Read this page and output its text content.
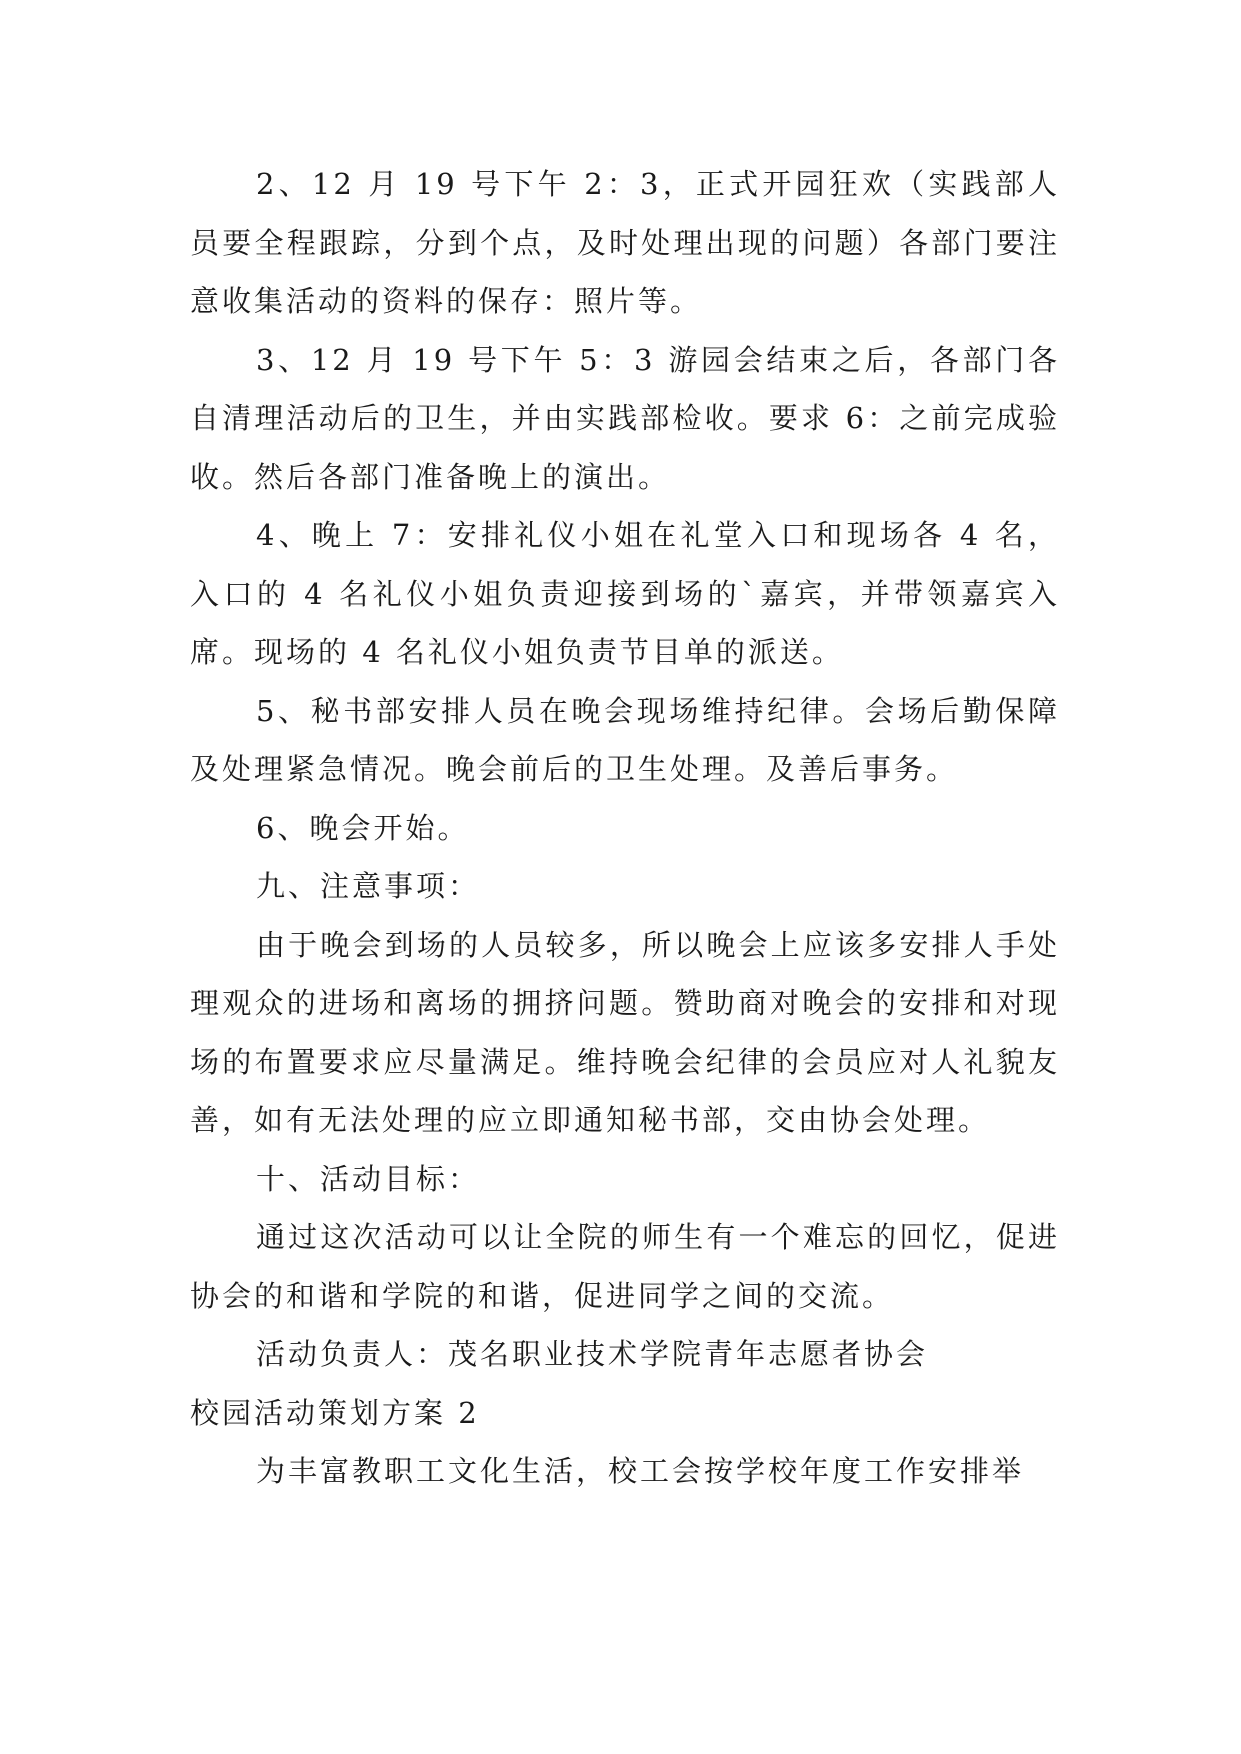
2、12 月 19 号下午 2：3，正式开园狂欢（实践部人员要全程跟踪，分到个点，及时处理出现的问题）各部门要注意收集活动的资料的保存：照片等。

3、12 月 19 号下午 5：3 游园会结束之后，各部门各自清理活动后的卫生，并由实践部检收。要求 6：之前完成验收。然后各部门准备晚上的演出。

4、晚上 7：安排礼仪小姐在礼堂入口和现场各 4 名，入口的 4 名礼仪小姐负责迎接到场的`嘉宾，并带领嘉宾入席。现场的 4 名礼仪小姐负责节目单的派送。

5、秘书部安排人员在晚会现场维持纪律。会场后勤保障及处理紧急情况。晚会前后的卫生处理。及善后事务。

6、晚会开始。

九、注意事项：

由于晚会到场的人员较多，所以晚会上应该多安排人手处理观众的进场和离场的拥挤问题。赞助商对晚会的安排和对现场的布置要求应尽量满足。维持晚会纪律的会员应对人礼貌友善，如有无法处理的应立即通知秘书部，交由协会处理。

十、活动目标：

通过这次活动可以让全院的师生有一个难忘的回忆，促进协会的和谐和学院的和谐，促进同学之间的交流。

活动负责人：茂名职业技术学院青年志愿者协会

校园活动策划方案 2

为丰富教职工文化生活，校工会按学校年度工作安排举
